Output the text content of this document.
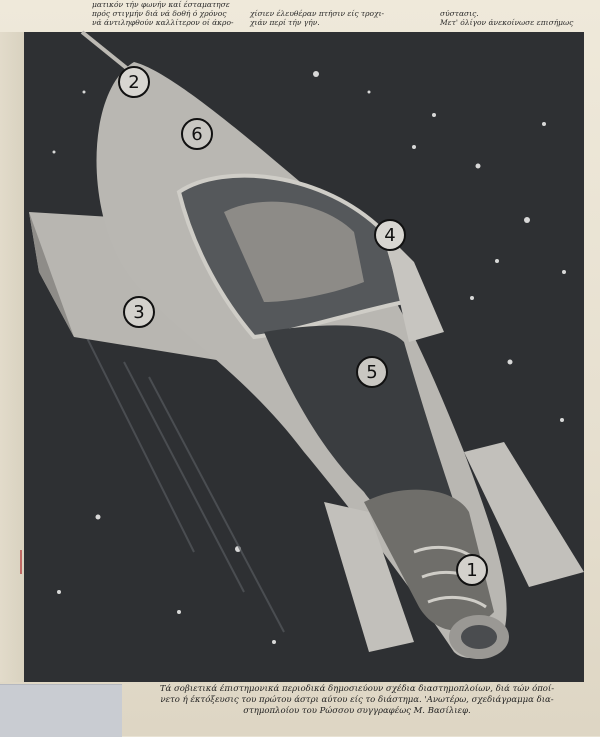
ματικόν τήν φωνήν καί έσταματησε
πρός στιγμήν διά νά δοθή ό χρόνος
νά άντιληφθούν καλλίτερον οί άκρο-

χίσιεν έλευθέραν πτήσιν είς τροχι-
χιάν περί τήν γήν.

σύστασις.
Μετ' όλίγον άνεκοίνωσε επισήμως
2
6
4
3
5
1
Τά σοβιετικά έπιστημονικά περιοδικά δημοσιεύουν σχέδια διαστημοπλοίων, διά τών όποί-
νετο ή έκτόξευσις του πρώτου άστρι αύτου είς το διάστημα. 'Ανωτέρω, σχεδιάγραμμα δια-
στημοπλοίου του Ρώσσου συγγραφέως Μ. Βασίλιεφ.
